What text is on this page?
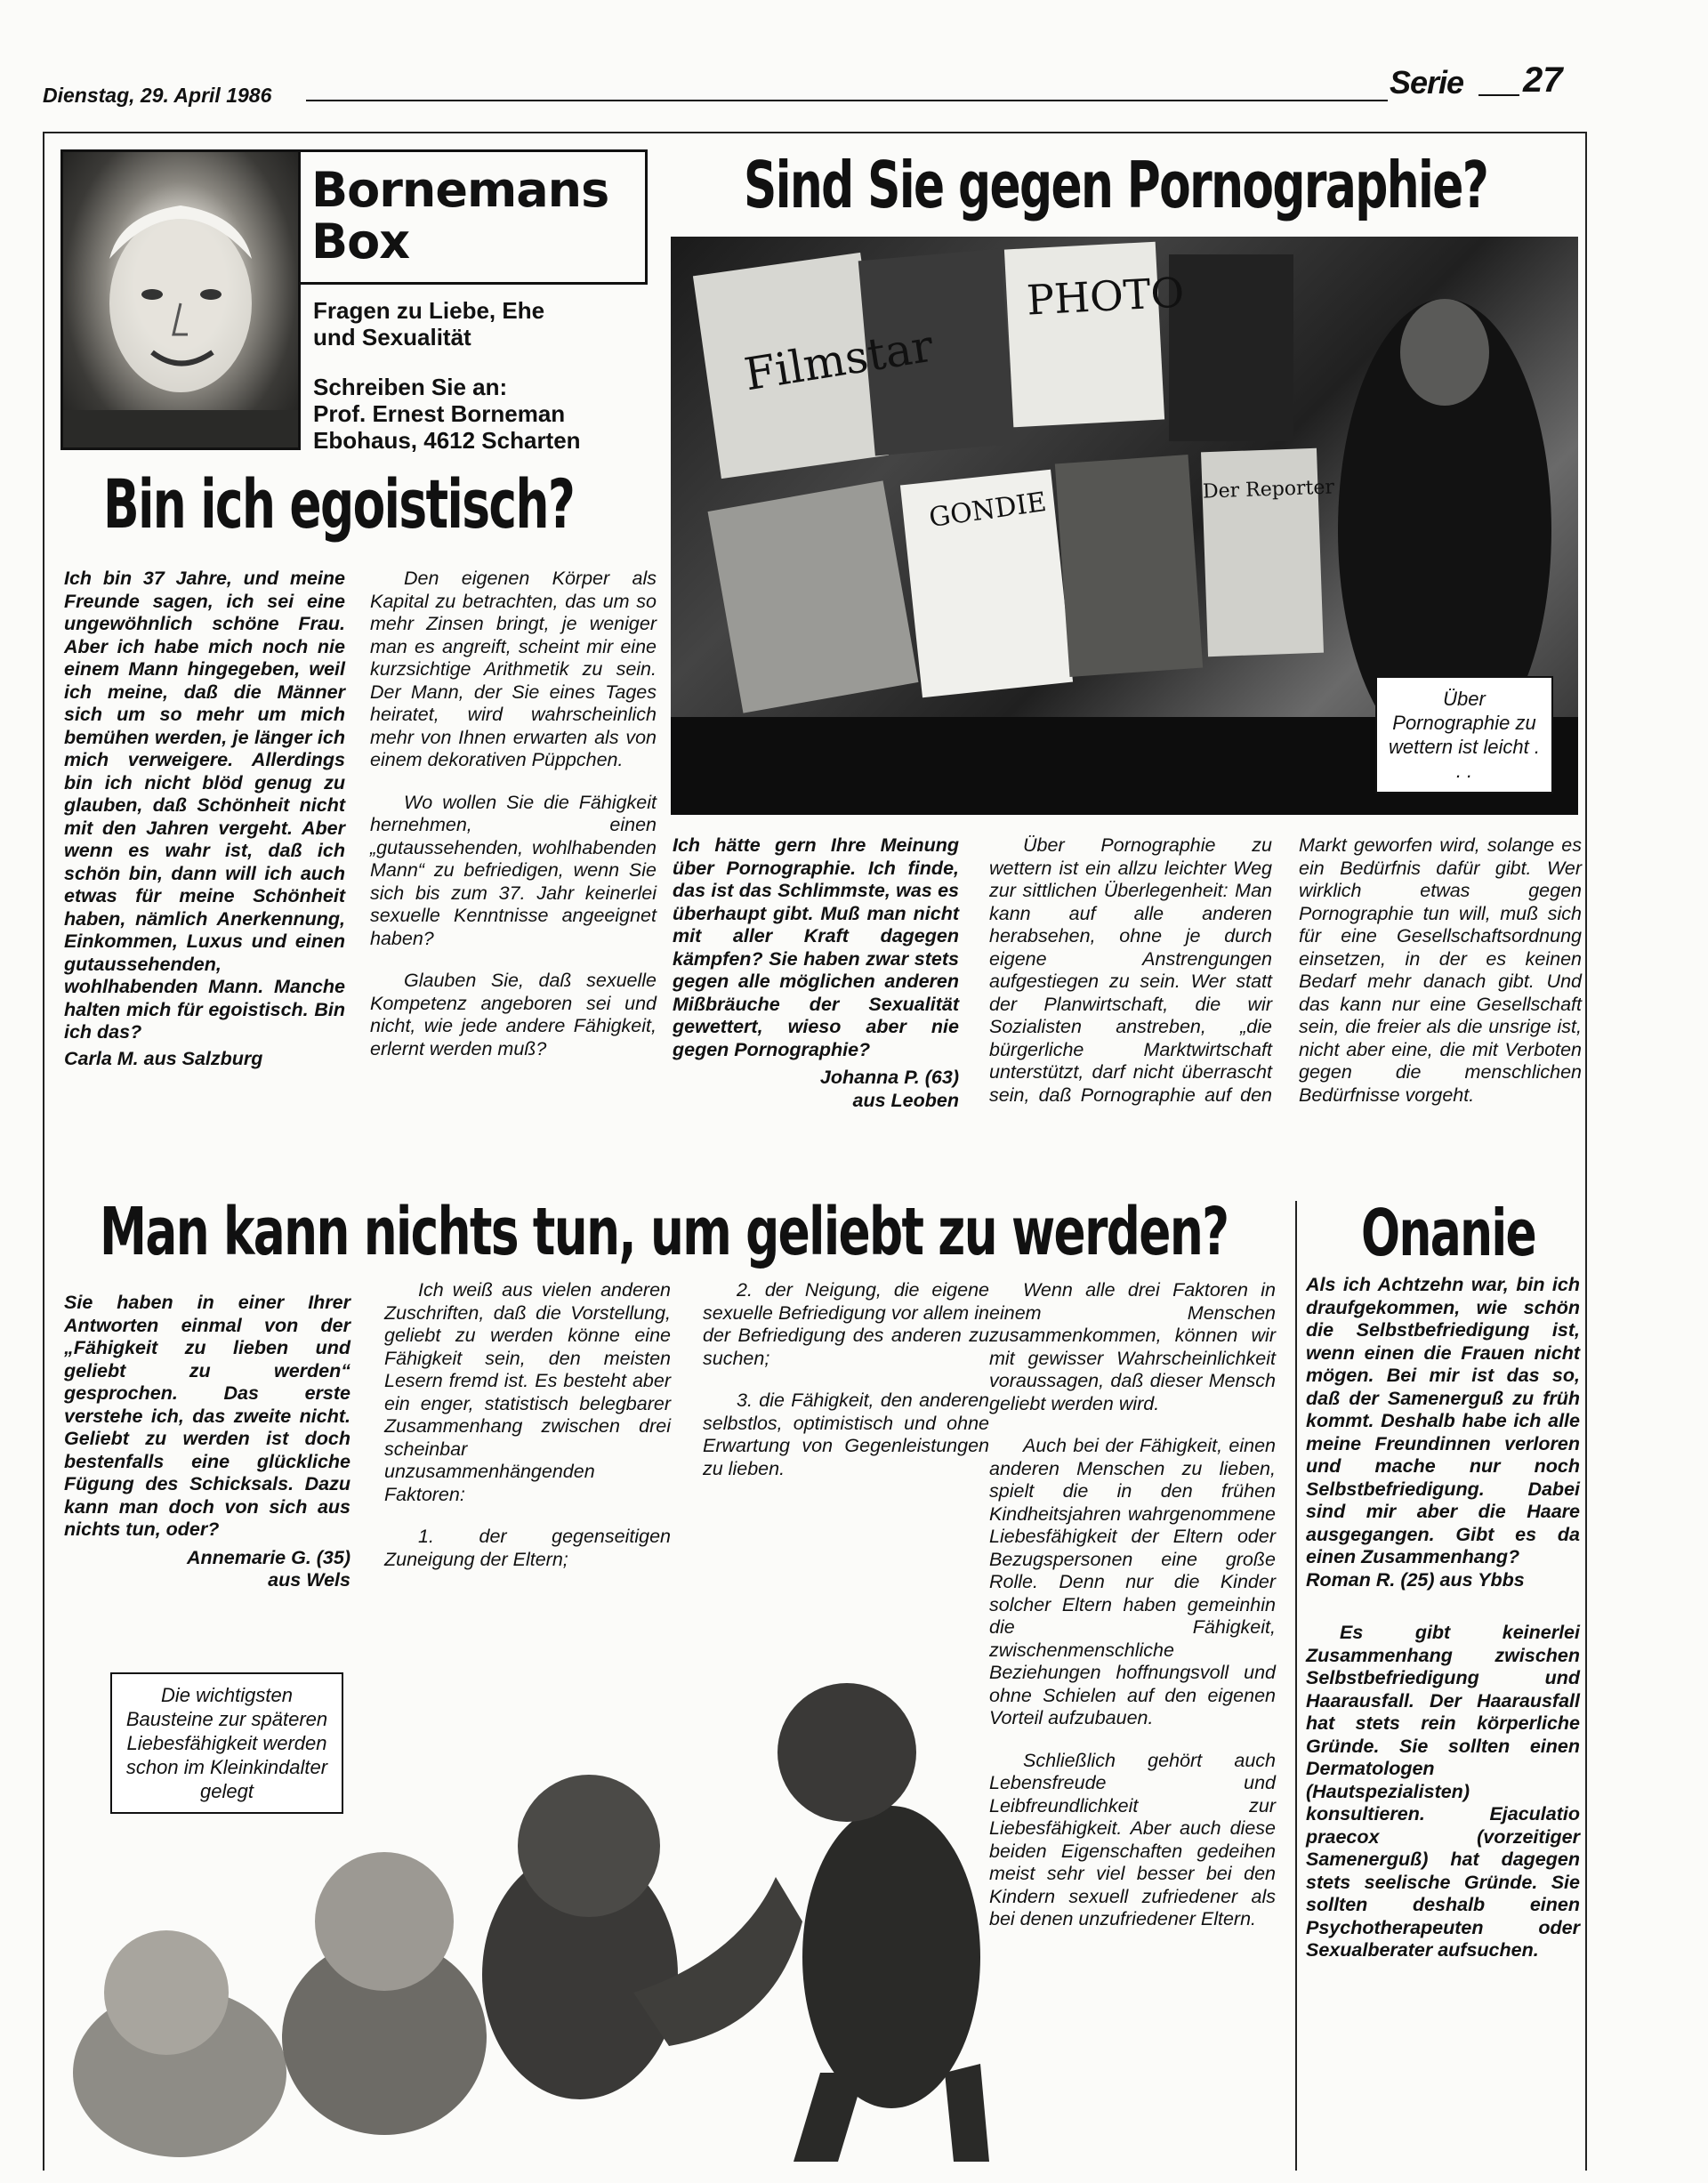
Dienstag, 29. April 1986	Serie 27
Bornemans
Box
Fragen zu Liebe, Ehe
und Sexualität
Schreiben Sie an:
Prof. Ernest Borneman
Ebohaus, 4612 Scharten
Bin ich egoistisch?

Ich bin 37 Jahre, und meine Freunde sagen, ich sei eine ungewöhnlich schöne Frau. Aber ich habe mich noch nie einem Mann hingegeben, weil ich meine, daß die Männer sich um so mehr um mich bemühen werden, je länger ich mich verweigere. Allerdings bin ich nicht blöd genug zu glauben, daß Schönheit nicht mit den Jahren vergeht. Aber wenn es wahr ist, daß ich schön bin, dann will ich auch etwas für meine Schönheit haben, nämlich Anerkennung, Einkommen, Luxus und einen gutaussehenden, wohlhabenden Mann. Manche halten mich für egoistisch. Bin ich das?

Carla M. aus Salzburg

Den eigenen Körper als Kapital zu betrachten, das um so mehr Zinsen bringt, je weniger man es angreift, scheint mir eine kurzsichtige Arithmetik zu sein. Der Mann, der Sie eines Tages heiratet, wird wahrscheinlich mehr von Ihnen erwarten als von einem dekorativen Püppchen.

Wo wollen Sie die Fähigkeit hernehmen, einen „gutaussehenden, wohlhabenden Mann“ zu befriedigen, wenn Sie sich bis zum 37. Jahr keinerlei sexuelle Kenntnisse angeeignet haben?

Glauben Sie, daß sexuelle Kompetenz angeboren sei und nicht, wie jede andere Fähigkeit, erlernt werden muß?

Sind Sie gegen Pornographie?
Filmstar
PHOTO
GONDIE	Der Reporter
Über Pornographie zu wettern ist leicht . . .

Ich hätte gern Ihre Meinung über Pornographie. Ich finde, das ist das Schlimmste, was es überhaupt gibt. Muß man nicht mit aller Kraft dagegen kämpfen? Sie haben zwar stets gegen alle möglichen anderen Mißbräuche der Sexualität gewettert, wieso aber nie gegen Pornographie?

Johanna P. (63)

aus Leoben

Über Pornographie zu wettern ist ein allzu leichter Weg zur sittlichen Überlegenheit: Man kann auf alle anderen herabsehen, ohne je durch eigene Anstrengungen aufgestiegen zu sein. Wer statt der Planwirtschaft, die wir Sozialisten anstreben, „die bürgerliche Marktwirtschaft unterstützt, darf nicht überrascht sein, daß Pornographie auf den Markt geworfen wird, solange es ein Bedürfnis dafür gibt. Wer wirklich etwas gegen Pornographie tun will, muß sich für eine Gesellschaftsordnung einsetzen, in der es keinen Bedarf mehr danach gibt. Und das kann nur eine Gesellschaft sein, die freier als die unsrige ist, nicht aber eine, die mit Verboten gegen die menschlichen Bedürfnisse vorgeht.

Man kann nichts tun, um geliebt zu werden?

Sie haben in einer Ihrer Antworten einmal von der „Fähigkeit zu lieben und geliebt zu werden“ gesprochen. Das erste verstehe ich, das zweite nicht. Geliebt zu werden ist doch bestenfalls eine glückliche Fügung des Schicksals. Dazu kann man doch von sich aus nichts tun, oder?

Annemarie G. (35)

aus Wels

Ich weiß aus vielen anderen Zuschriften, daß die Vorstellung, geliebt zu werden könne eine Fähigkeit sein, den meisten Lesern fremd ist. Es besteht aber ein enger, statistisch belegbarer Zusammenhang zwischen drei scheinbar unzusammenhängenden Faktoren:

1. der gegenseitigen Zuneigung der Eltern;

2. der Neigung, die eigene sexuelle Befriedigung vor allem in der Befriedigung des anderen zu suchen;

3. die Fähigkeit, den anderen selbstlos, optimistisch und ohne Erwartung von Gegenleistungen zu lieben.

Wenn alle drei Faktoren in einem Menschen zusammenkommen, können wir mit gewisser Wahrscheinlichkeit voraussagen, daß dieser Mensch geliebt werden wird.

Auch bei der Fähigkeit, einen anderen Menschen zu lieben, spielt die in den frühen Kindheitsjahren wahrgenommene Liebesfähigkeit der Eltern oder Bezugspersonen eine große Rolle. Denn nur die Kinder solcher Eltern haben gemeinhin die Fähigkeit, zwischenmenschliche Beziehungen hoffnungsvoll und ohne Schielen auf den eigenen Vorteil aufzubauen.

Schließlich gehört auch Lebensfreude und Leibfreundlichkeit zur Liebesfähigkeit. Aber auch diese beiden Eigenschaften gedeihen meist sehr viel besser bei den Kindern sexuell zufriedener als bei denen unzufriedener Eltern.

Die wichtigsten Bausteine zur späteren Liebesfähigkeit werden schon im Kleinkindalter gelegt
Onanie

Als ich Achtzehn war, bin ich draufgekommen, wie schön die Selbstbefriedigung ist, wenn einen die Frauen nicht mögen. Bei mir ist das so, daß der Samenerguß zu früh kommt. Deshalb habe ich alle meine Freundinnen verloren und mache nur noch Selbstbefriedigung. Dabei sind mir aber die Haare ausgegangen. Gibt es da einen Zusammenhang?

Roman R. (25) aus Ybbs

Es gibt keinerlei Zusammenhang zwischen Selbstbefriedigung und Haarausfall. Der Haarausfall hat stets rein körperliche Gründe. Sie sollten einen Dermatologen (Hautspezialisten) konsultieren. Ejaculatio praecox (vorzeitiger Samenerguß) hat dagegen stets seelische Gründe. Sie sollten deshalb einen Psychotherapeuten oder Sexualberater aufsuchen.
